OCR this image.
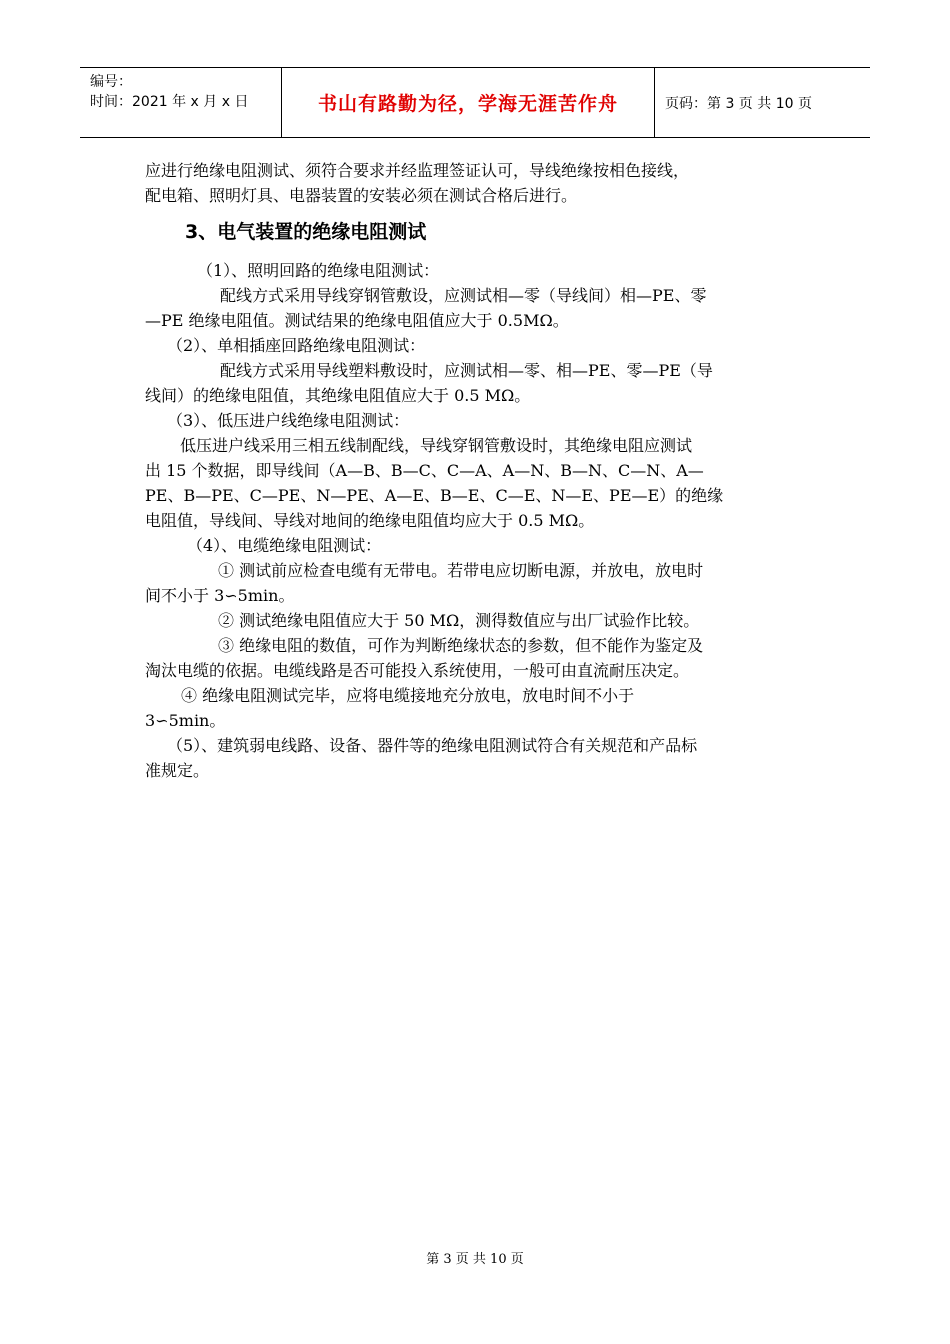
编号：
时间：2021 年 x 月 x 日	书山有路勤为径，学海无涯苦作舟	页码：第 3 页 共 10 页

应进行绝缘电阻测试、须符合要求并经监理签证认可，导线绝缘按相色接线，

配电箱、照明灯具、电器装置的安装必须在测试合格后进行。

3、电气装置的绝缘电阻测试

（1）、照明回路的绝缘电阻测试：

配线方式采用导线穿钢管敷设，应测试相—零（导线间）相—PE、零

—PE 绝缘电阻值。测试结果的绝缘电阻值应大于 0.5MΩ。

（2）、单相插座回路绝缘电阻测试：

配线方式采用导线塑料敷设时，应测试相—零、相—PE、零—PE（导

线间）的绝缘电阻值，其绝缘电阻值应大于 0.5 MΩ。

（3）、低压进户线绝缘电阻测试：

低压进户线采用三相五线制配线，导线穿钢管敷设时，其绝缘电阻应测试

出 15 个数据，即导线间（A—B、B—C、C—A、A—N、B—N、C—N、A—

PE、B—PE、C—PE、N—PE、A—E、B—E、C—E、N—E、PE—E）的绝缘

电阻值，导线间、导线对地间的绝缘电阻值均应大于 0.5 MΩ。

（4）、电缆绝缘电阻测试：

① 测试前应检查电缆有无带电。若带电应切断电源，并放电，放电时

间不小于 3∽5min。

② 测试绝缘电阻值应大于 50 MΩ，测得数值应与出厂试验作比较。

③ 绝缘电阻的数值，可作为判断绝缘状态的参数，但不能作为鉴定及

淘汰电缆的依据。电缆线路是否可能投入系统使用，一般可由直流耐压决定。

④ 绝缘电阻测试完毕，应将电缆接地充分放电，放电时间不小于

3∽5min。

（5）、建筑弱电线路、设备、器件等的绝缘电阻测试符合有关规范和产品标

准规定。

第 3 页 共 10 页
